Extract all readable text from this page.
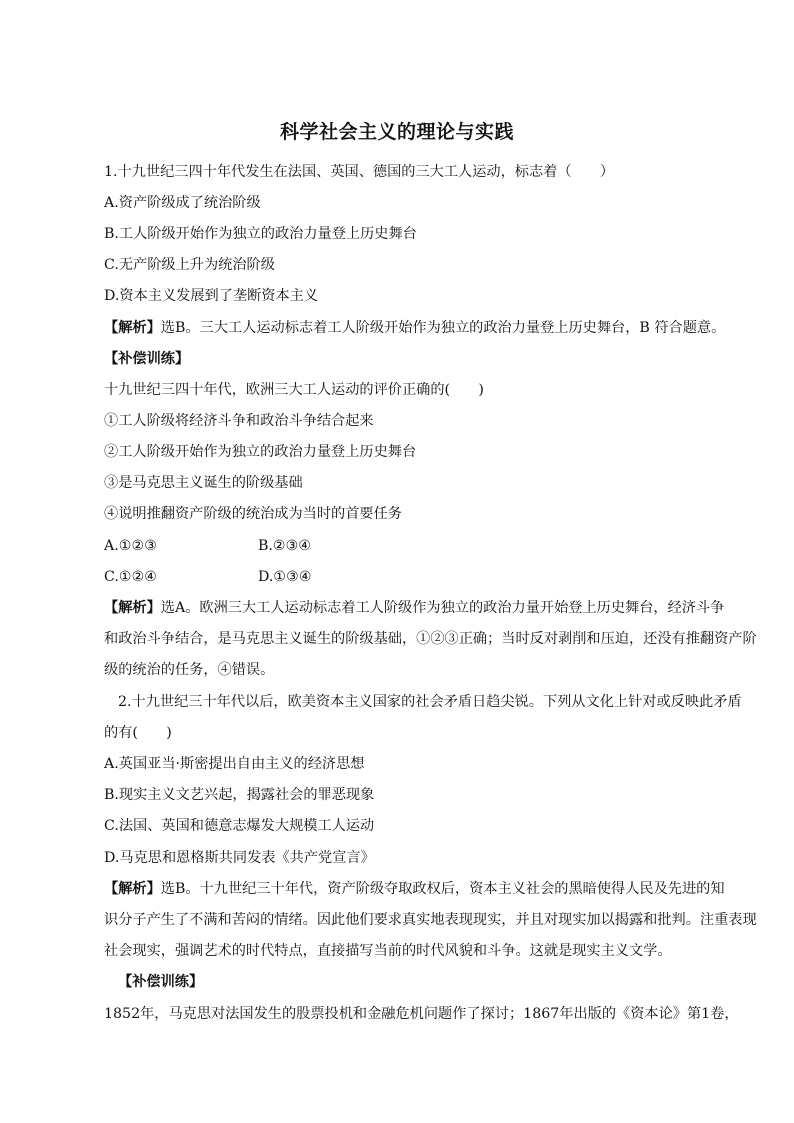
科学社会主义的理论与实践
1.十九世纪三四十年代发生在法国、英国、德国的三大工人运动，标志着（　　）
A.资产阶级成了统治阶级
B.工人阶级开始作为独立的政治力量登上历史舞台
C.无产阶级上升为统治阶级
D.资本主义发展到了垄断资本主义
【解析】选B。三大工人运动标志着工人阶级开始作为独立的政治力量登上历史舞台，B 符合题意。
【补偿训练】
十九世纪三四十年代，欧洲三大工人运动的评价正确的(　　)
①工人阶级将经济斗争和政治斗争结合起来
②工人阶级开始作为独立的政治力量登上历史舞台
③是马克思主义诞生的阶级基础
④说明推翻资产阶级的统治成为当时的首要任务
A.①②③	B.②③④
C.①②④	D.①③④
【解析】选A。欧洲三大工人运动标志着工人阶级作为独立的政治力量开始登上历史舞台，经济斗争
和政治斗争结合，是马克思主义诞生的阶级基础，①②③正确；当时反对剥削和压迫，还没有推翻资产阶
级的统治的任务，④错误。
2.十九世纪三十年代以后，欧美资本主义国家的社会矛盾日趋尖锐。下列从文化上针对或反映此矛盾
的有(　　)
A.英国亚当·斯密提出自由主义的经济思想
B.现实主义文艺兴起，揭露社会的罪恶现象
C.法国、英国和德意志爆发大规模工人运动
D.马克思和恩格斯共同发表《共产党宣言》
【解析】选B。十九世纪三十年代，资产阶级夺取政权后，资本主义社会的黑暗使得人民及先进的知
识分子产生了不满和苦闷的情绪。因此他们要求真实地表现现实，并且对现实加以揭露和批判。注重表现
社会现实，强调艺术的时代特点，直接描写当前的时代风貌和斗争。这就是现实主义文学。
【补偿训练】
1852年，马克思对法国发生的股票投机和金融危机问题作了探讨；1867年出版的《资本论》第1卷，
